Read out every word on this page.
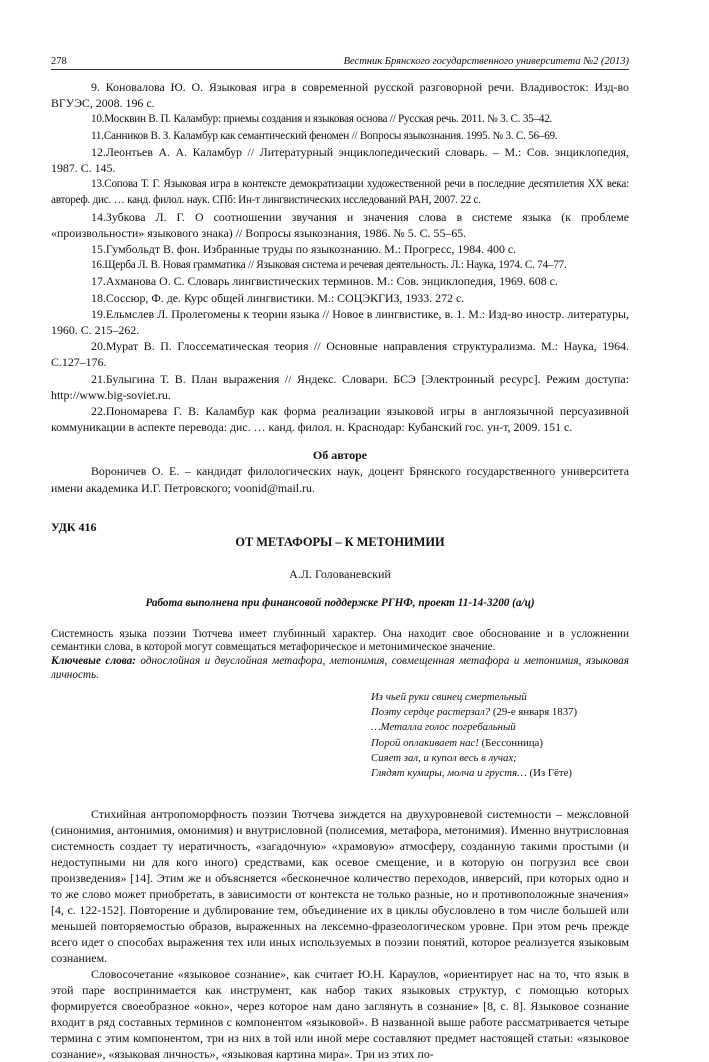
278	Вестник Брянского государственного университета №2 (2013)

9. Коновалова Ю. О. Языковая игра в современной русской разговорной речи. Владивосток: Изд-во ВГУЭС, 2008. 196 с.

10.Москвин В. П. Каламбур: приемы создания и языковая основа // Русская речь. 2011. № 3. С. 35–42.

11.Санников В. З. Каламбур как семантический феномен // Вопросы языкознания. 1995. № 3. С. 56–69.

12.Леонтьев А. А. Каламбур // Литературный энциклопедический словарь. – М.: Сов. энциклопедия, 1987. С. 145.

13.Сопова Т. Г. Языковая игра в контексте демократизации художественной речи в последние десятилетия ХХ века: автореф. дис. … канд. филол. наук. СПб: Ин-т лингвистических исследований РАН, 2007. 22 с.

14.Зубкова Л. Г. О соотношении звучания и значения слова в системе языка (к проблеме «произвольности» языкового знака) // Вопросы языкознания, 1986. № 5. С. 55–65.

15.Гумбольдт В. фон. Избранные труды по языкознанию. М.: Прогресс, 1984. 400 с.

16.Щерба Л. В. Новая грамматика // Языковая система и речевая деятельность. Л.: Наука, 1974. С. 74–77.

17.Ахманова О. С. Словарь лингвистических терминов. М.: Сов. энциклопедия, 1969. 608 с.

18.Соссюр, Ф. де. Курс общей лингвистики. М.: СОЦЭКГИЗ, 1933. 272 с.

19.Ельмслев Л. Пролегомены к теории языка // Новое в лингвистике, в. 1. М.: Изд-во иностр. литературы, 1960. С. 215–262.

20.Мурат В. П. Глоссематическая теория // Основные направления структурализма. М.: Наука, 1964. С.127–176.

21.Булыгина Т. В. План выражения // Яндекс. Словари. БСЭ [Электронный ресурс]. Режим доступа: http://www.big-soviet.ru.

22.Пономарева Г. В. Каламбур как форма реализации языковой игры в англоязычной персуазивной коммуникации в аспекте перевода: дис. … канд. филол. н. Краснодар: Кубанский гос. ун-т, 2009. 151 с.

Об авторе

Вороничев О. Е. – кандидат филологических наук, доцент Брянского государственного университета имени академика И.Г. Петровского; voonid@mail.ru.

УДК 416
ОТ МЕТАФОРЫ – К МЕТОНИМИИ
А.Л. Голованевский
Работа выполнена при финансовой поддержке РГНФ, проект 11-14-3200 (а/ц)

Системность языка поэзии Тютчева имеет глубинный характер. Она находит свое обоснование и в усложнении семантики слова, в которой могут совмещаться метафорическое и метонимическое значение.

Ключевые слова: однослойная и двуслойная метафора, метонимия, совмещенная метафора и метонимия, языковая личность.

Из чьей руки свинец смертельный
Поэту сердце растерзал? (29-е января 1837)
…Металла голос погребальный
Порой оплакивает нас! (Бессонница)
Сияет зал, и купол весь в лучах;
Глядят кумиры, молча и грустя… (Из Гёте)

Стихийная антропоморфность поэзии Тютчева зиждется на двухуровневой системности – межсловной (синонимия, антонимия, омонимия) и внутрисловной (полисемия, метафора, метонимия). Именно внутрисловная системность создает ту иератичность, «загадочную» «храмовую» атмосферу, созданную такими простыми (и недоступными ни для кого иного) средствами, как осевое смещение, и в которую он погрузил все свои произведения» [14]. Этим же и объясняется «бесконечное количество переходов, инверсий, при которых одно и то же слово может приобретать, в зависимости от контекста не только разные, но и противоположные значения» [4, с. 122-152]. Повторение и дублирование тем, объединение их в циклы обусловлено в том числе большей или меньшей повторяемостью образов, выраженных на лексемно-фразеологическом уровне. При этом речь прежде всего идет о способах выражения тех или иных используемых в поэзии понятий, которое реализуется языковым сознанием.

Словосочетание «языковое сознание», как считает Ю.Н. Караулов, «ориентирует нас на то, что язык в этой паре воспринимается как инструмент, как набор таких языковых структур, с помощью которых формируется своеобразное «окно», через которое нам дано заглянуть в сознание» [8, с. 8]. Языковое сознание входит в ряд составных терминов с компонентом «языковой». В названной выше работе рассматривается четыре термина с этим компонентом, три из них в той или иной мере составляют предмет настоящей статьи: «языковое сознание», «языковая личность», «языковая картина мира». Три из этих по-
